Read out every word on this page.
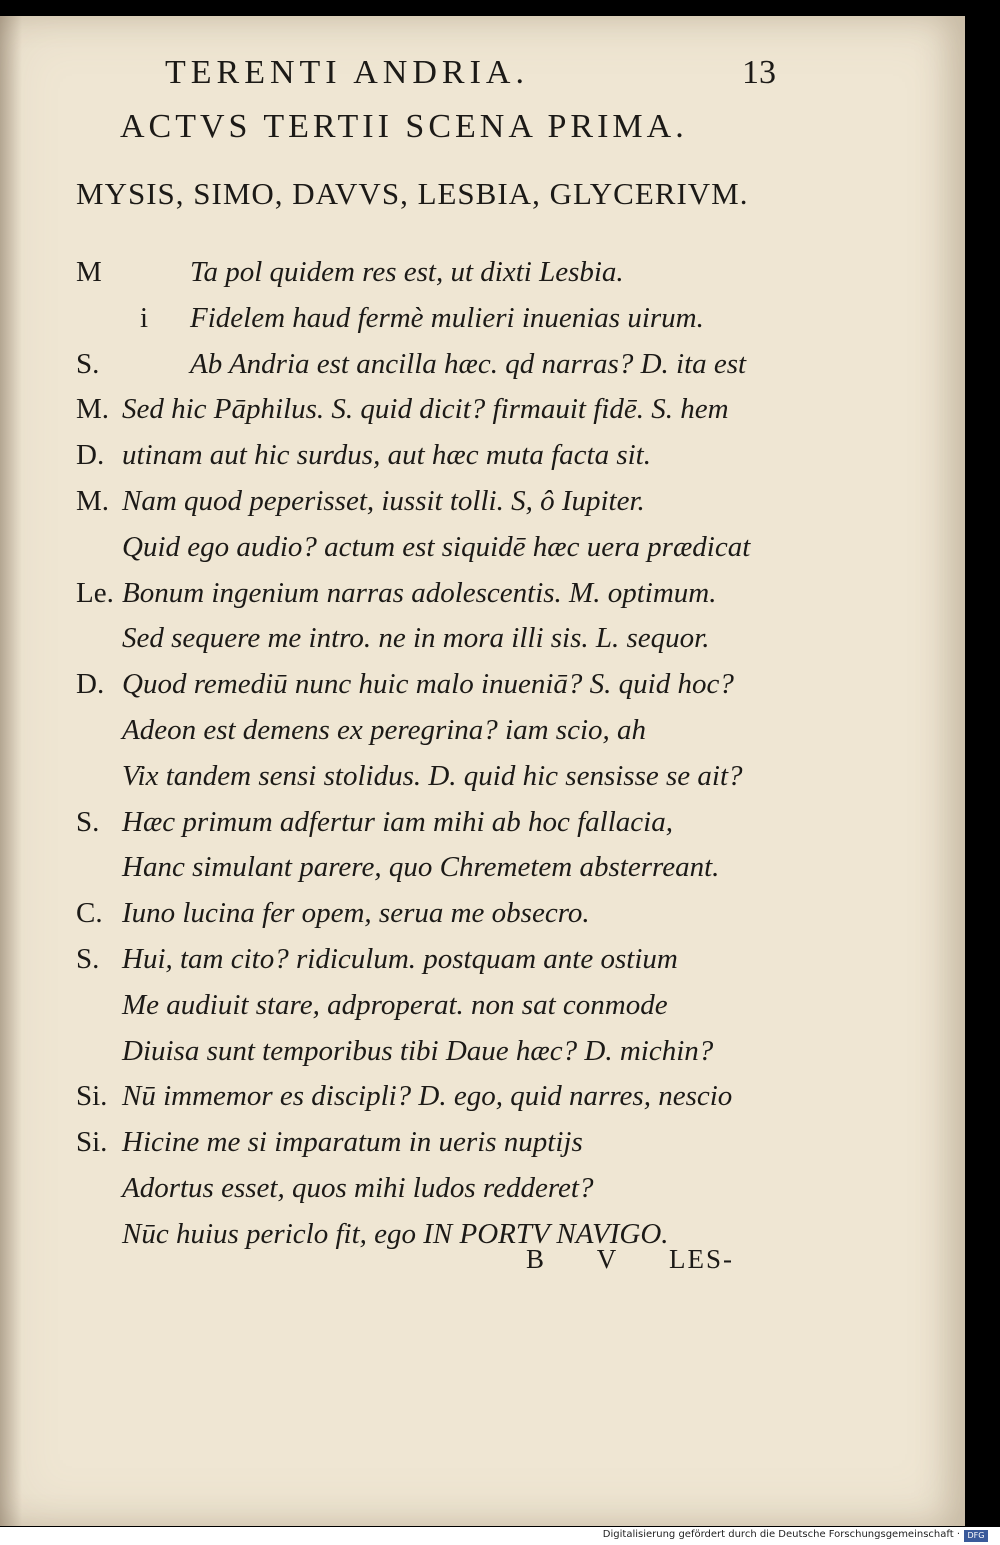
TERENTI ANDRIA.	13
ACTVS TERTII SCENA PRIMA.
MYSIS, SIMO, DAVVS, LESBIA, GLYCERIVM.
M	Ta pol quidem res est, ut dixti Lesbia.
i Fidelem haud fermè mulieri inuenias uirum.
S.	Ab Andria est ancilla hæc. qd narras? D. ita est
M. Sed hic Pāphilus. S. quid dicit? firmauit fidē. S. hem
D. utinam aut hic surdus, aut hæc muta facta sit.
M. Nam quod peperisset, iussit tolli. S, ô Iupiter.
Quid ego audio? actum est siquidē hæc uera prædicat
Le. Bonum ingenium narras adolescentis. M. optimum.
Sed sequere me intro. ne in mora illi sis. L. sequor.
D. Quod remediū nunc huic malo inueniā? S. quid hoc?
Adeon est demens ex peregrina? iam scio, ah
Vix tandem sensi stolidus. D. quid hic sensisse se ait?
S. Hæc primum adfertur iam mihi ab hoc fallacia,
Hanc simulant parere, quo Chremetem absterreant.
C. Iuno lucina fer opem, serua me obsecro.
S. Hui, tam cito? ridiculum. postquam ante ostium
Me audiuit stare, adproperat. non sat conmode
Diuisa sunt temporibus tibi Daue hæc? D. michin?
Si. Nū immemor es discipli? D. ego, quid narres, nescio
Si. Hicine me si imparatum in ueris nuptijs
Adortus esset, quos mihi ludos redderet?
Nūc huius periclo fit, ego IN PORTV NAVIGO.
B V LES-
Digitalisierung gefördert durch die Deutsche Forschungsgemeinschaft · DFG
